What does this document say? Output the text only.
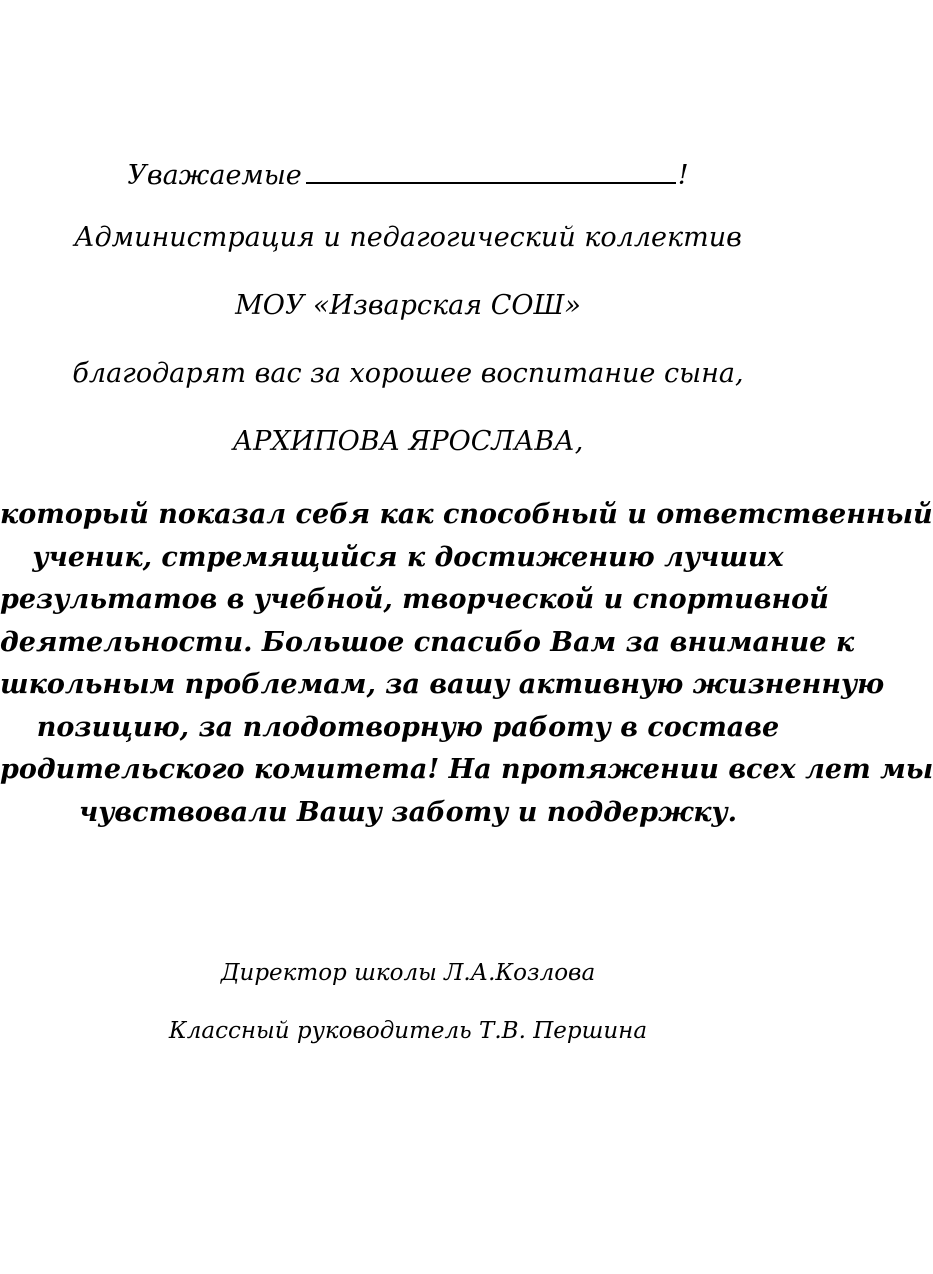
Уважаемые	!
Администрация и педагогический коллектив
МОУ «Изварская СОШ»
благодарят вас за хорошее воспитание сына,
АРХИПОВА ЯРОСЛАВА,
который показал себя как способный и ответственный
ученик, стремящийся к достижению лучших
результатов в учебной, творческой и спортивной
деятельности. Большое спасибо Вам за внимание к
школьным проблемам, за вашу активную жизненную
позицию, за плодотворную работу в составе
родительского комитета! На протяжении всех лет мы
чувствовали Вашу заботу и поддержку.
Директор школы Л.А.Козлова
Классный руководитель Т.В. Першина
